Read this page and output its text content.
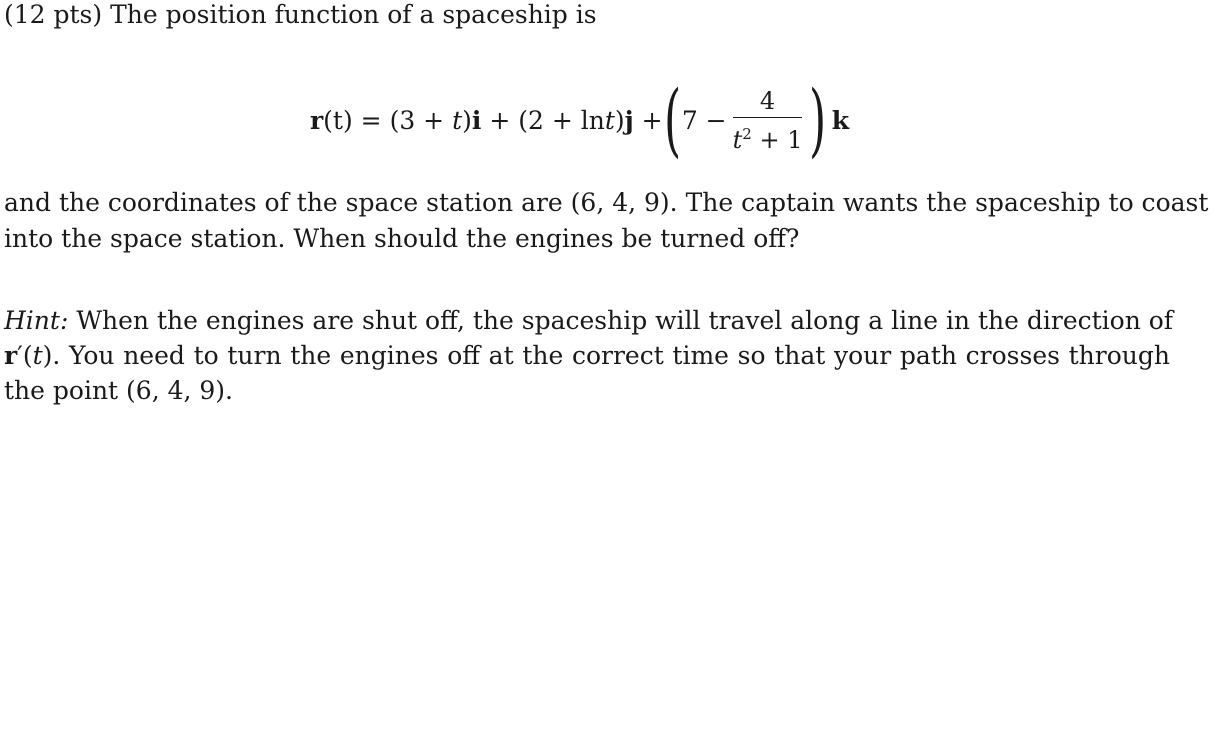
(12 pts) The position function of a spaceship is
r(t) = (3 + t)i + (2 + lnt)j + ( $7 - \frac{4}{t^2 + 1}$ ) k
and the coordinates of the space station are (6, 4, 9). The captain wants the spaceship to coast
into the space station. When should the engines be turned off?
Hint: When the engines are shut off, the spaceship will travel along a line in the direction of
r′(t). You need to turn the engines off at the correct time so that your path crosses through
the point (6, 4, 9).
